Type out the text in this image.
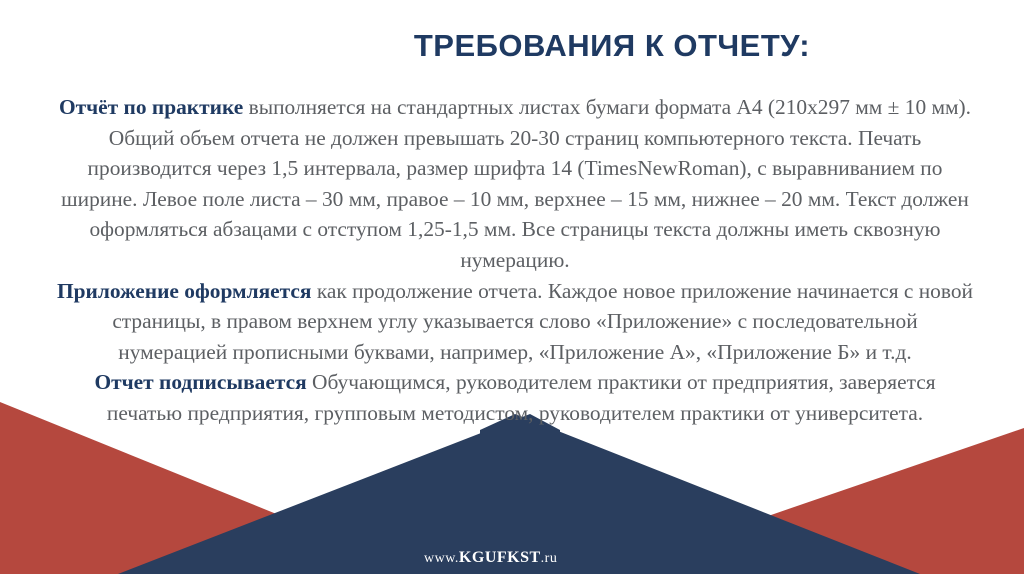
ТРЕБОВАНИЯ К ОТЧЕТУ:
Отчёт по практике выполняется на стандартных листах бумаги формата А4 (210х297 мм ± 10 мм). Общий объем отчета не должен превышать 20-30 страниц компьютерного текста. Печать производится через 1,5 интервала, размер шрифта 14 (TimesNewRoman), с выравниванием по ширине. Левое поле листа – 30 мм, правое – 10 мм, верхнее – 15 мм, нижнее – 20 мм. Текст должен оформляться абзацами с отступом 1,25-1,5 мм. Все страницы текста должны иметь сквозную нумерацию.
Приложение оформляется как продолжение отчета. Каждое новое приложение начинается с новой страницы, в правом верхнем углу указывается слово «Приложение» с последовательной нумерацией прописными буквами, например, «Приложение А», «Приложение Б» и т.д.
Отчет подписывается Обучающимся, руководителем практики от предприятия, заверяется печатью предприятия, групповым методистом, руководителем практики от университета.
www.KGUFKST.ru
